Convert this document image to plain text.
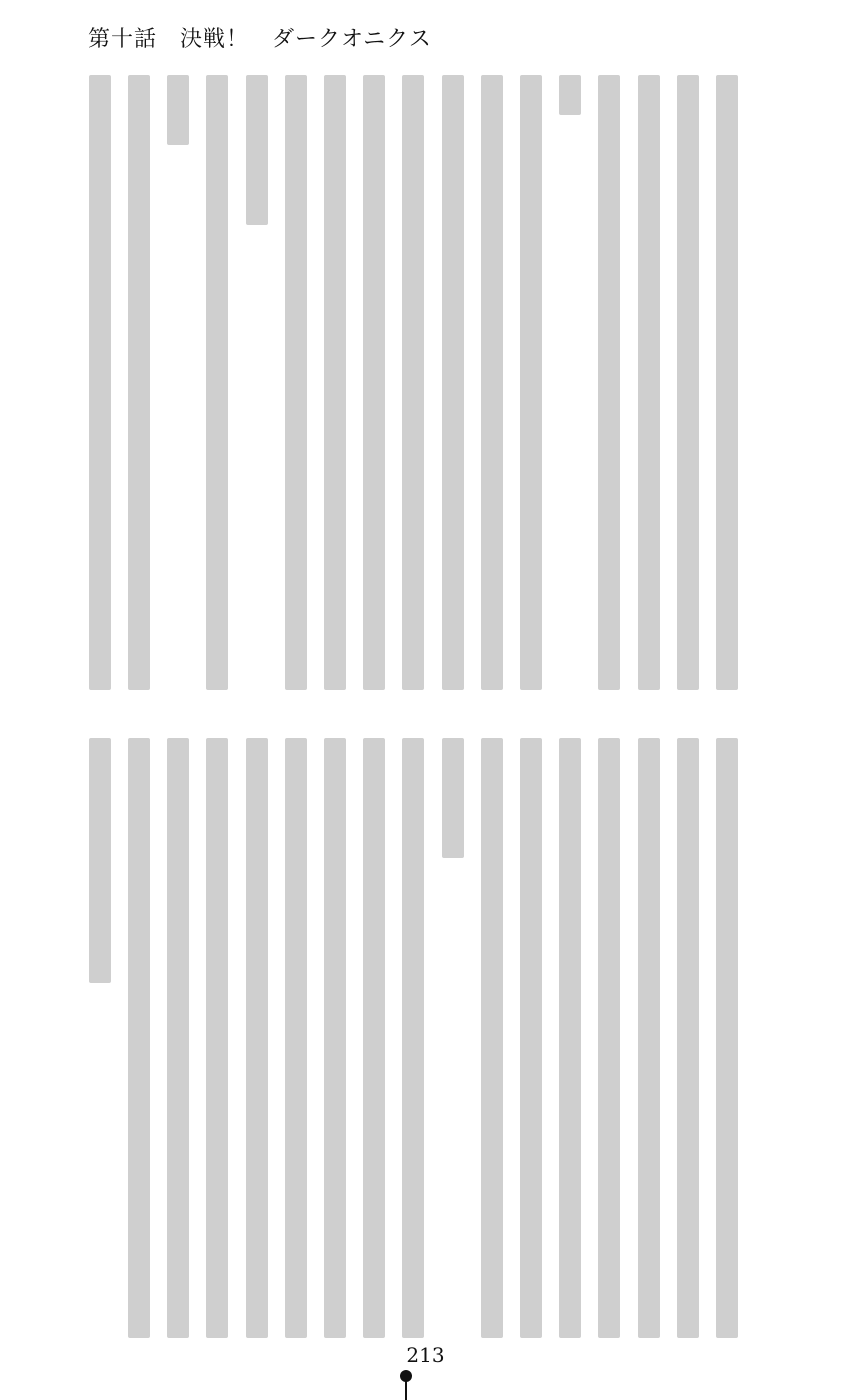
第十話　決戦！　ダークオニクス
213
